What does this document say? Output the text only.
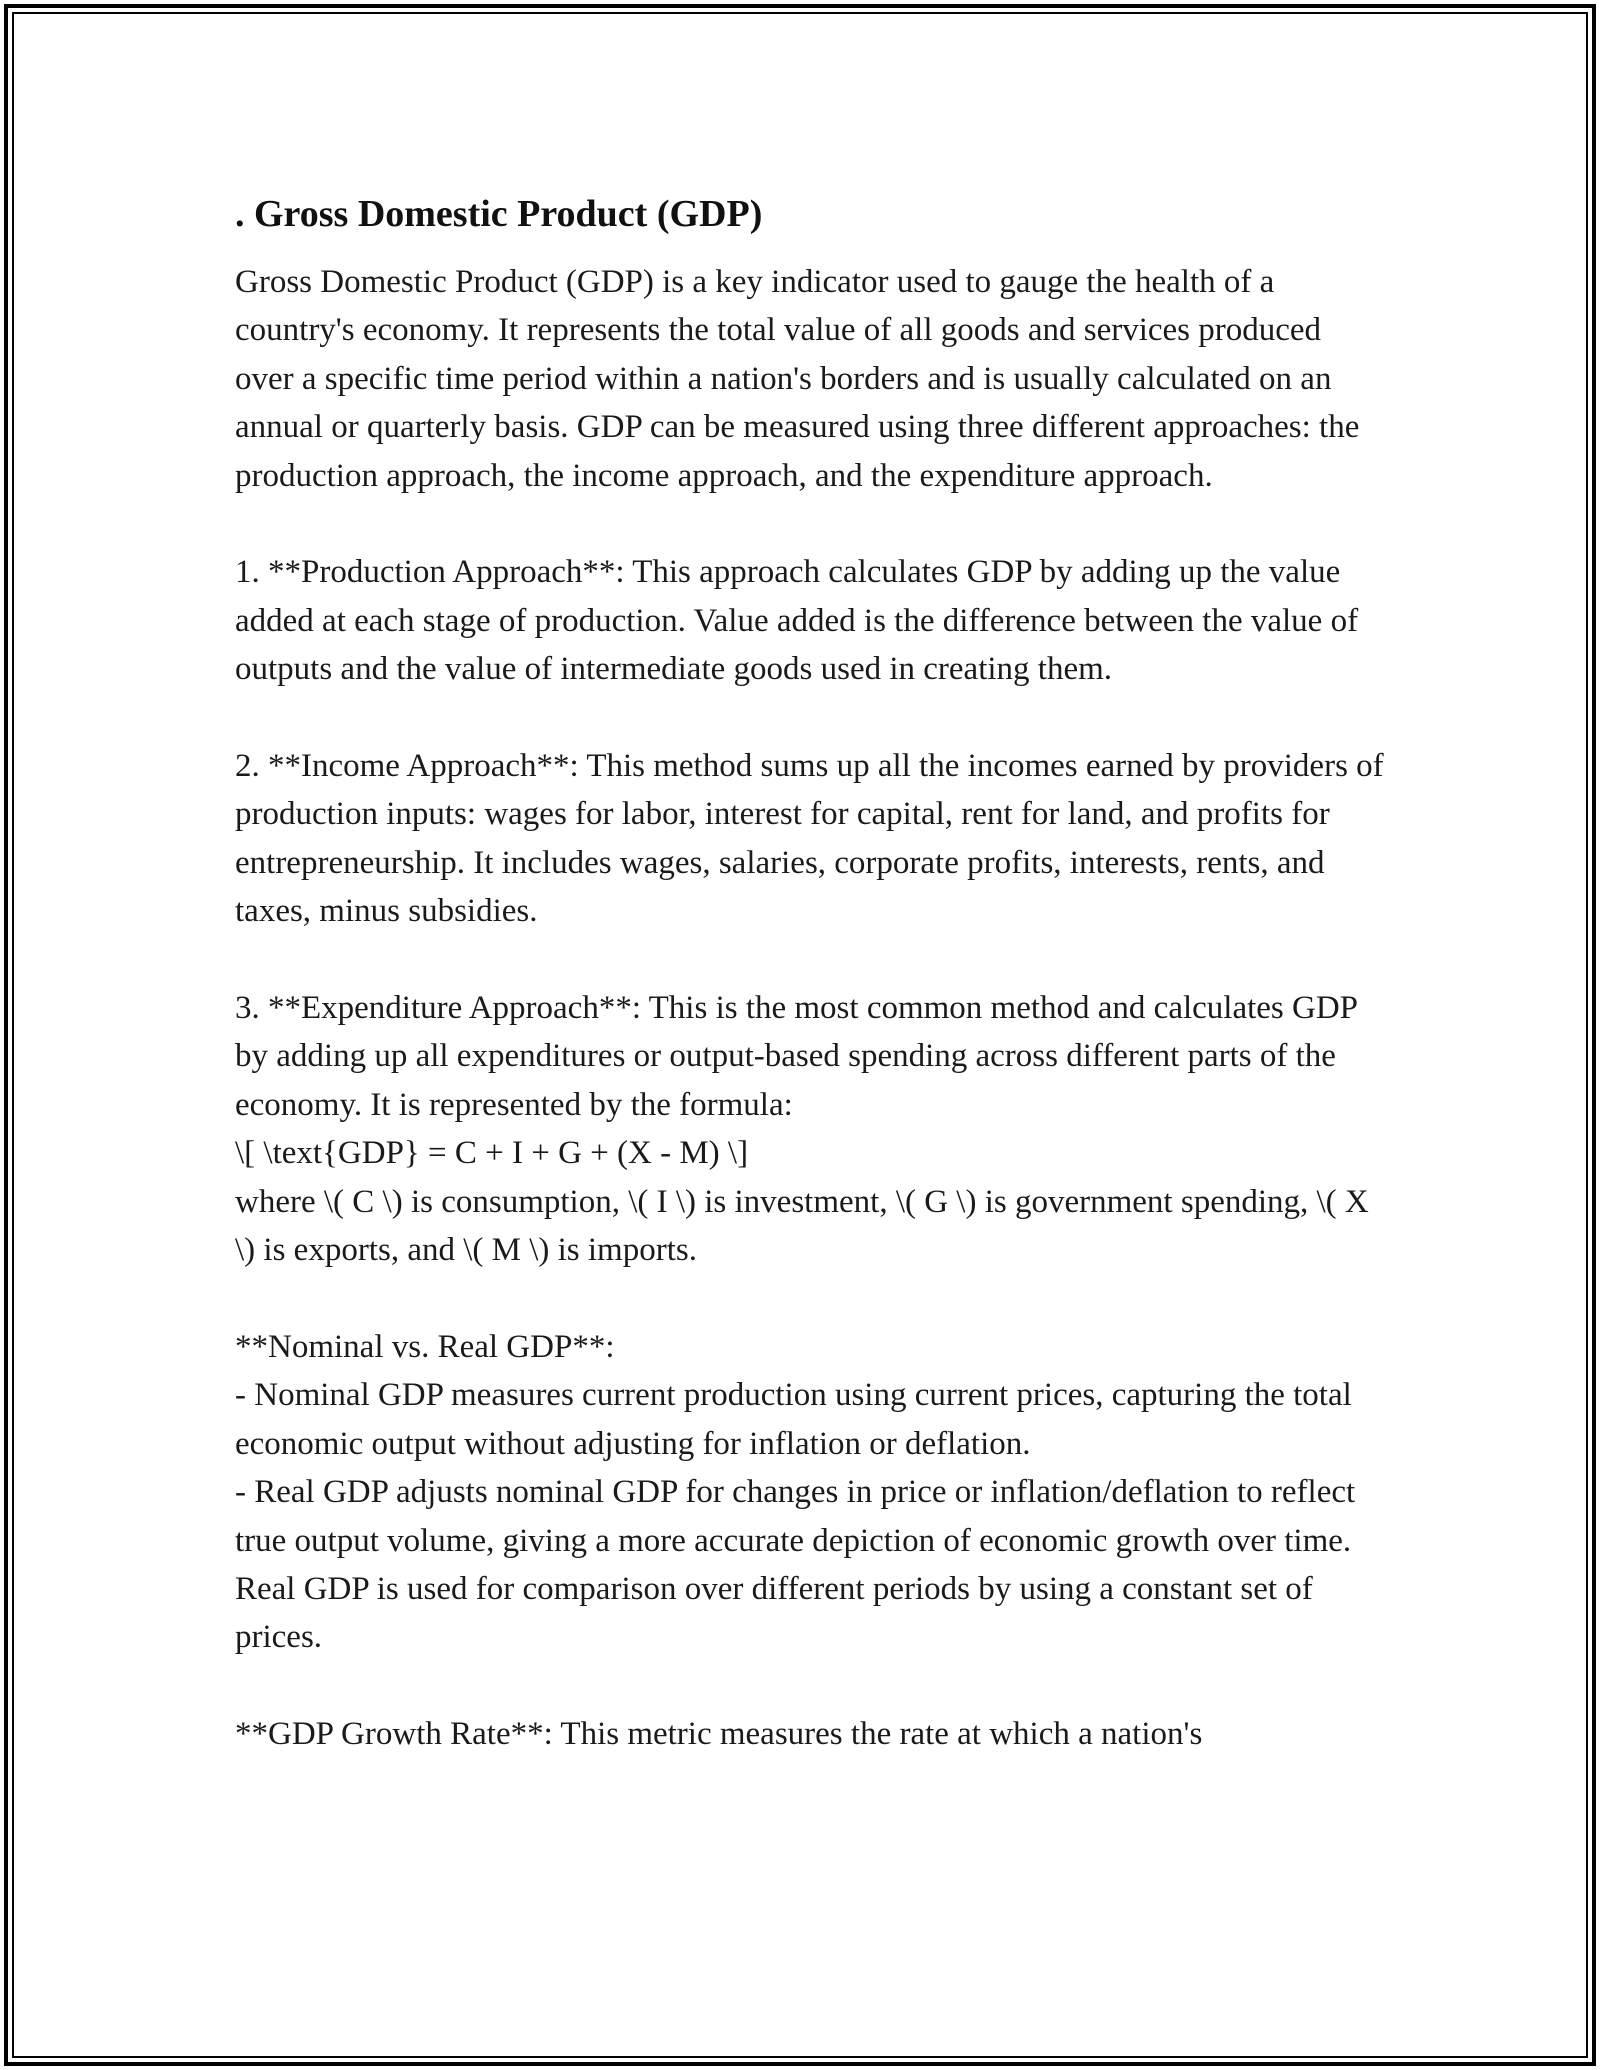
. Gross Domestic Product (GDP)

Gross Domestic Product (GDP) is a key indicator used to gauge the health of a country's economy. It represents the total value of all goods and services produced over a specific time period within a nation's borders and is usually calculated on an annual or quarterly basis. GDP can be measured using three different approaches: the production approach, the income approach, and the expenditure approach.

1. **Production Approach**: This approach calculates GDP by adding up the value added at each stage of production. Value added is the difference between the value of outputs and the value of intermediate goods used in creating them.

2. **Income Approach**: This method sums up all the incomes earned by providers of production inputs: wages for labor, interest for capital, rent for land, and profits for entrepreneurship. It includes wages, salaries, corporate profits, interests, rents, and taxes, minus subsidies.

3. **Expenditure Approach**: This is the most common method and calculates GDP by adding up all expenditures or output-based spending across different parts of the economy. It is represented by the formula:

\[ \text{GDP} = C + I + G + (X - M) \]

where \( C \) is consumption, \( I \) is investment, \( G \) is government spending, \( X \) is exports, and \( M \) is imports.

**Nominal vs. Real GDP**:

- Nominal GDP measures current production using current prices, capturing the total economic output without adjusting for inflation or deflation.

- Real GDP adjusts nominal GDP for changes in price or inflation/deflation to reflect true output volume, giving a more accurate depiction of economic growth over time. Real GDP is used for comparison over different periods by using a constant set of prices.

**GDP Growth Rate**: This metric measures the rate at which a nation's
